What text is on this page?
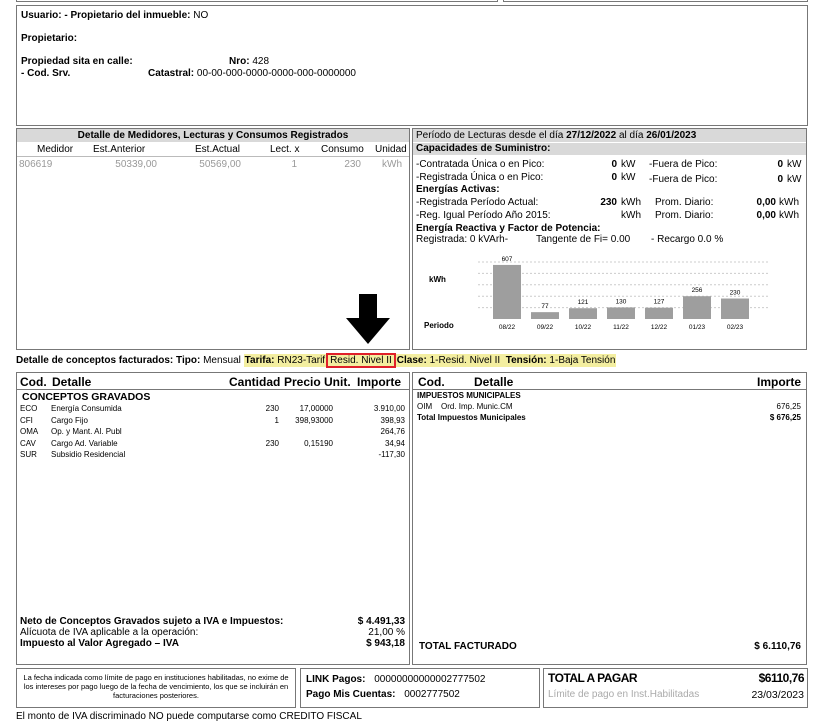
Usuario: - Propietario del inmueble: NO
Propietario:
Propiedad sita en calle:	Nro: 428
- Cod. Srv.	Catastral: 00-00-000-0000-0000-000-0000000
Detalle de Medidores, Lecturas y Consumos Registrados
Medidor Est.Anterior	Est.Actual	Lect. x Consumo Unidad
806619	50339,00	50569,00	1	230 kWh
Período de Lecturas desde el día 27/12/2022 al día 26/01/2023
Capacidades de Suministro:
-Contratada Única o en Pico:	0 kW -Fuera de Pico:	0 kW
-Registrada Única o en Pico:	0 kW -Fuera de Pico:	0 kW
Energías Activas:
-Registrada Período Actual:	230 kWh Prom. Diario:	0,00 kWh
-Reg. Igual Período Año 2015:	kWh Prom. Diario:	0,00 kWh
Energía Reactiva y Factor de Potencia:
Registrada: 0 kVArh-	Tangente de Fi= 0.00 - Recargo 0.0 %
kWh
Periodo
607
08/22
77
09/22
121
10/22
130
11/22
127
12/22
256
01/23
230
02/23
Detalle de conceptos facturados: Tipo: Mensual Tarifa: RN23-Tarif Resid. Nivel II Clase: 1-Resid. Nivel II Tensión: 1-Baja Tensión
Cod. Detalle	Cantidad Precio Unit. Importe
CONCEPTOS GRAVADOS
ECO Energía Consumida	230	17,00000	3.910,00
CFI Cargo Fijo	1	398,93000	398,93
OMA Op. y Mant. Al. Publ	264,76
CAV Cargo Ad. Variable	230	0,15190	34,94
SUR Subsidio Residencial	-117,30
Neto de Conceptos Gravados sujeto a IVA e Impuestos:	$ 4.491,33
Alícuota de IVA aplicable a la operación:	21,00 %
Impuesto al Valor Agregado – IVA	$ 943,18
Cod. Detalle	Importe
IMPUESTOS MUNICIPALES
OIM Ord. Imp. Munic.CM	676,25
Total Impuestos Municipales	$ 676,25
TOTAL FACTURADO	$ 6.110,76
La fecha indicada como límite de pago en instituciones habilitadas, no exime de los intereses por pago luego de la fecha de vencimiento, los que se incluirán en facturaciones posteriores.
LINK Pagos: 00000000000002777502
Pago Mis Cuentas: 0002777502
TOTAL A PAGAR	$6110,76
Límite de pago en Inst.Habilitadas	23/03/2023
El monto de IVA discriminado NO puede computarse como CREDITO FISCAL
